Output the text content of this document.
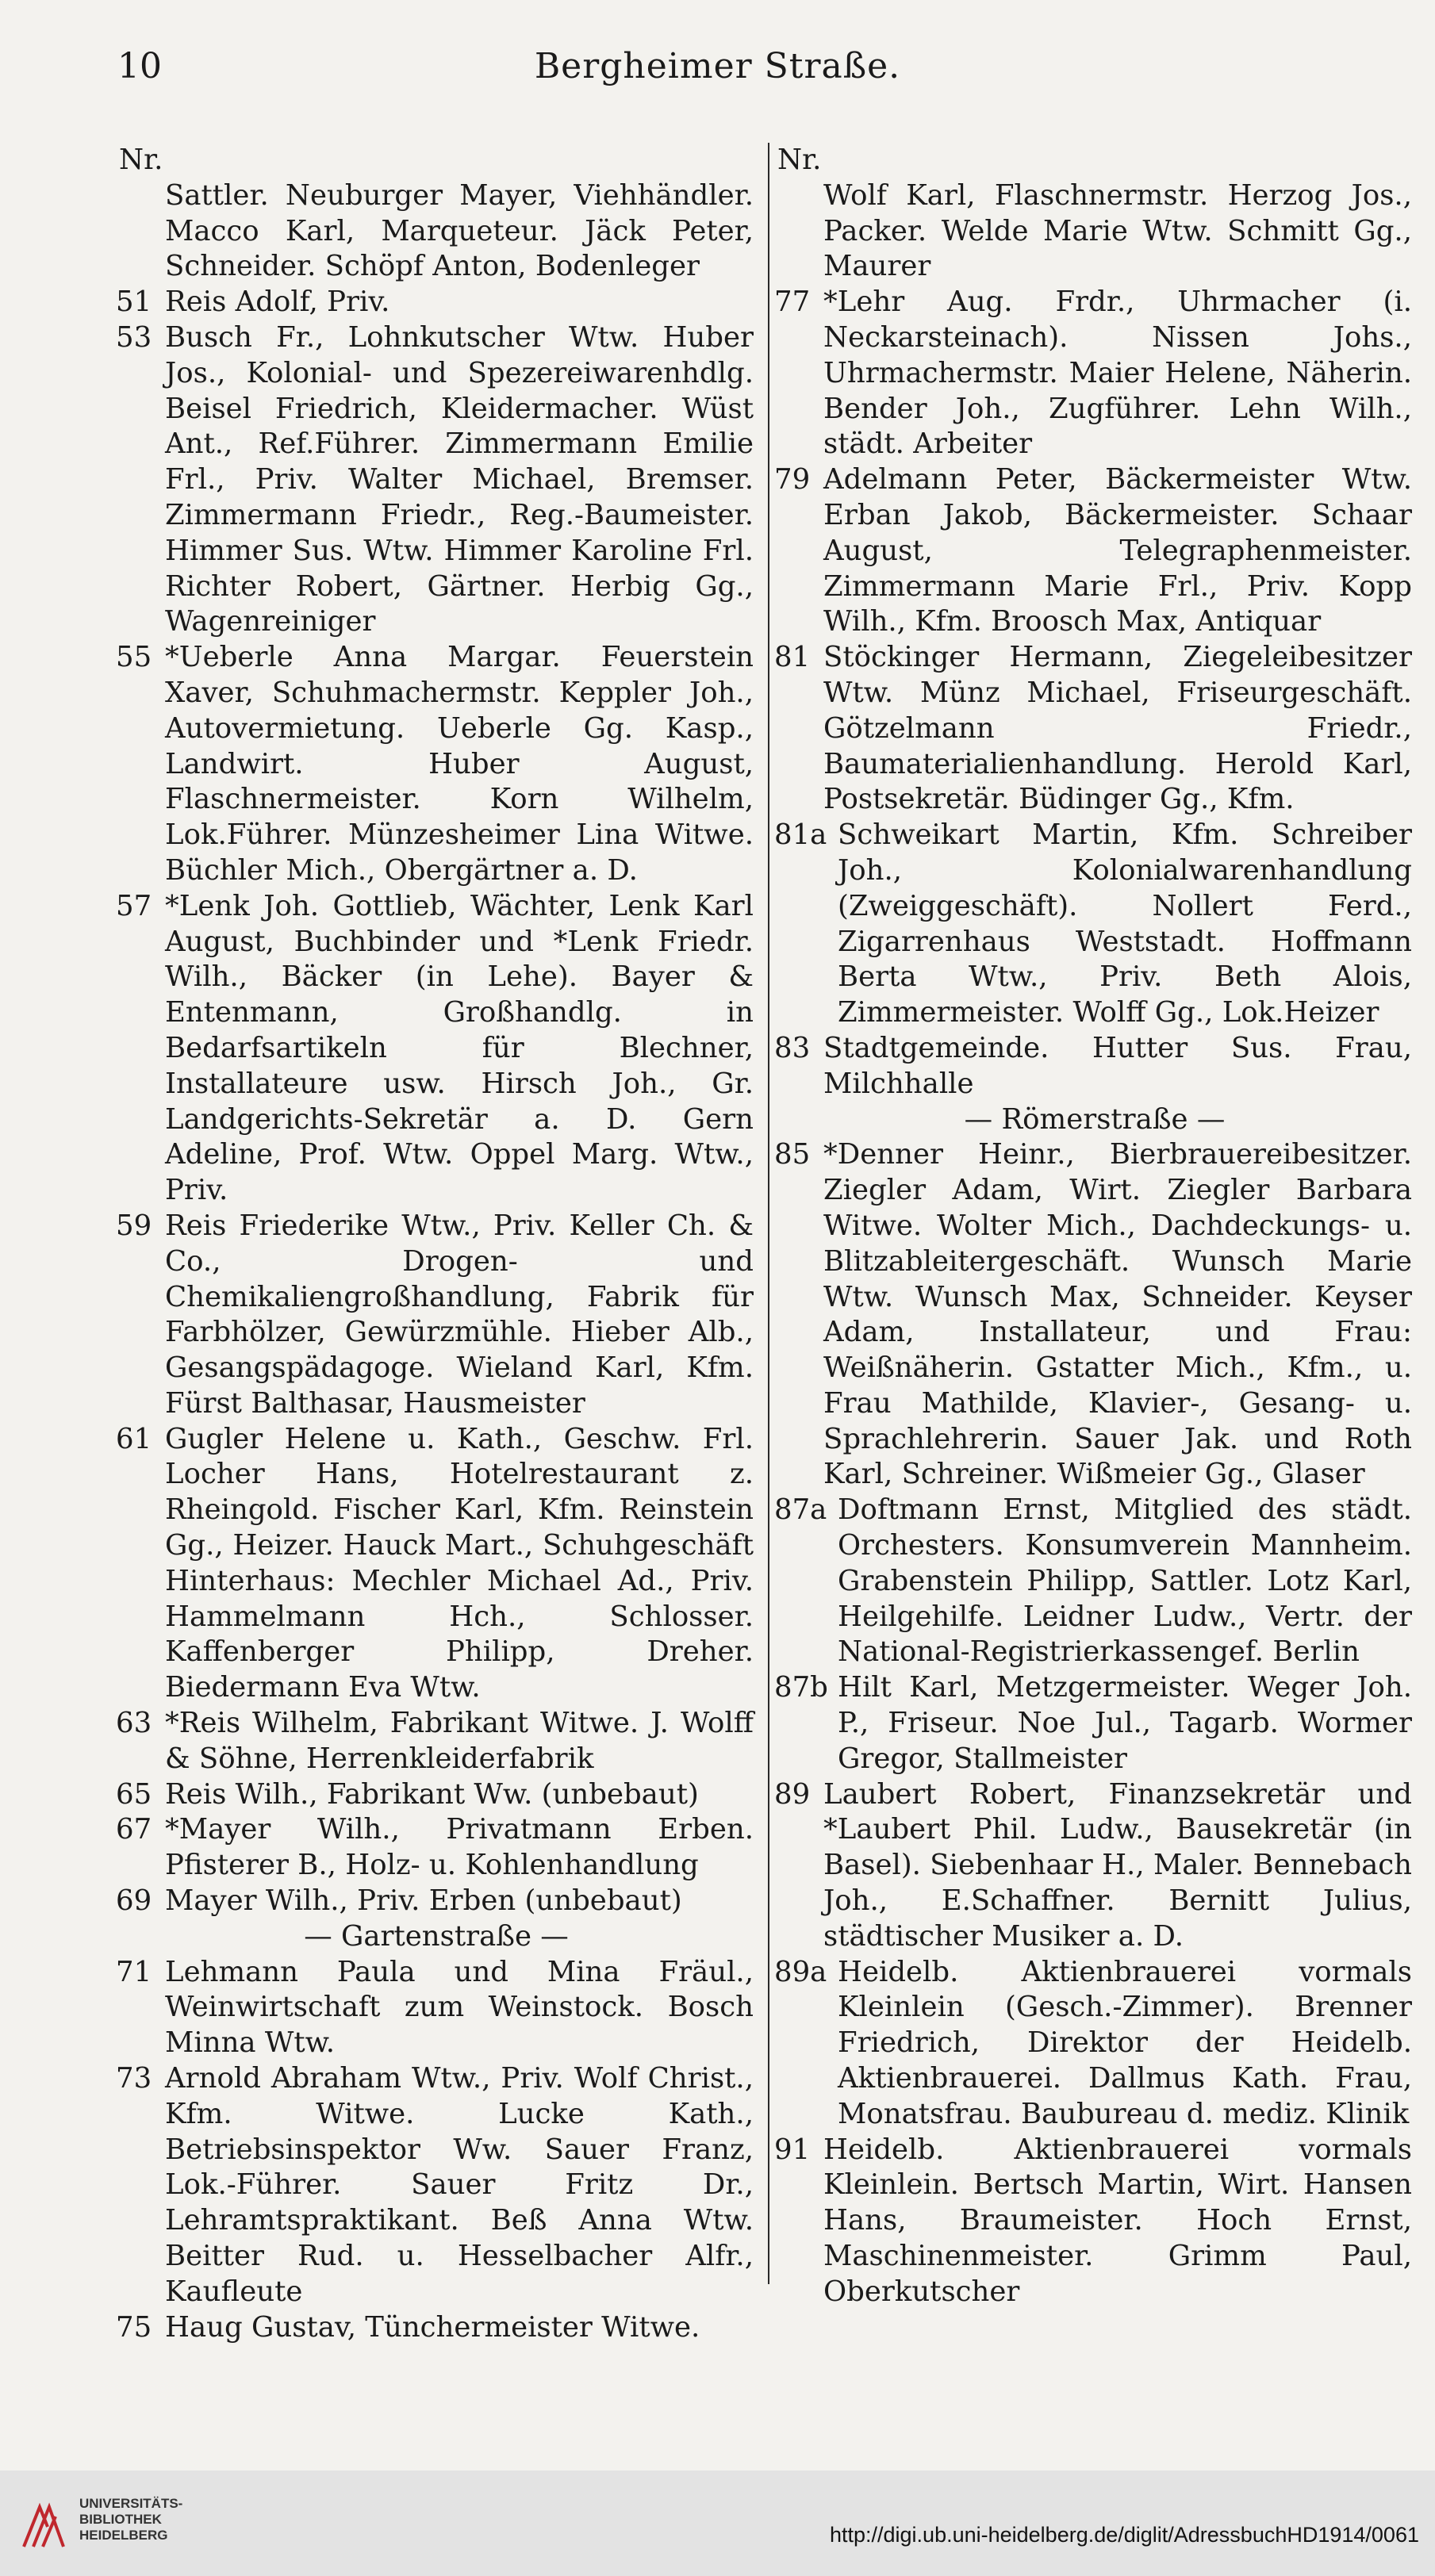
10	Bergheimer Straße.
Nr.
Sattler. Neuburger Mayer, Viehhändler. Macco Karl, Marqueteur. Jäck Peter, Schneider. Schöpf Anton, Bodenleger
51 Reis Adolf, Priv.
53 Busch Fr., Lohnkutscher Wtw. Huber Jos., Kolonial- und Spezereiwarenhdlg. Beisel Friedrich, Kleidermacher. Wüst Ant., Ref.Führer. Zimmermann Emilie Frl., Priv. Walter Michael, Bremser. Zimmermann Friedr., Reg.-Baumeister. Himmer Sus. Wtw. Himmer Karoline Frl. Richter Robert, Gärtner. Herbig Gg., Wagenreiniger
55 *Ueberle Anna Margar. Feuerstein Xaver, Schuhmachermstr. Keppler Joh., Autovermietung. Ueberle Gg. Kasp., Landwirt. Huber August, Flaschnermeister. Korn Wilhelm, Lok.Führer. Münzesheimer Lina Witwe. Büchler Mich., Obergärtner a. D.
57 *Lenk Joh. Gottlieb, Wächter, Lenk Karl August, Buchbinder und *Lenk Friedr. Wilh., Bäcker (in Lehe). Bayer & Entenmann, Großhandlg. in Bedarfsartikeln für Blechner, Installateure usw. Hirsch Joh., Gr. Landgerichts-Sekretär a. D. Gern Adeline, Prof. Wtw. Oppel Marg. Wtw., Priv.
59 Reis Friederike Wtw., Priv. Keller Ch. & Co., Drogen- und Chemikaliengroßhandlung, Fabrik für Farbhölzer, Gewürzmühle. Hieber Alb., Gesangspädagoge. Wieland Karl, Kfm. Fürst Balthasar, Hausmeister
61 Gugler Helene u. Kath., Geschw. Frl. Locher Hans, Hotelrestaurant z. Rheingold. Fischer Karl, Kfm. Reinstein Gg., Heizer. Hauck Mart., Schuhgeschäft Hinterhaus: Mechler Michael Ad., Priv. Hammelmann Hch., Schlosser. Kaffenberger Philipp, Dreher. Biedermann Eva Wtw.
63 *Reis Wilhelm, Fabrikant Witwe. J. Wolff & Söhne, Herrenkleiderfabrik
65 Reis Wilh., Fabrikant Ww. (unbebaut)
67 *Mayer Wilh., Privatmann Erben. Pfisterer B., Holz- u. Kohlenhandlung
69 Mayer Wilh., Priv. Erben (unbebaut)
— Gartenstraße —
71 Lehmann Paula und Mina Fräul., Weinwirtschaft zum Weinstock. Bosch Minna Wtw.
73 Arnold Abraham Wtw., Priv. Wolf Christ., Kfm. Witwe. Lucke Kath., Betriebsinspektor Ww. Sauer Franz, Lok.-Führer. Sauer Fritz Dr., Lehramtspraktikant. Beß Anna Wtw. Beitter Rud. u. Hesselbacher Alfr., Kaufleute
75 Haug Gustav, Tünchermeister Witwe.
Nr.
Wolf Karl, Flaschnermstr. Herzog Jos., Packer. Welde Marie Wtw. Schmitt Gg., Maurer
77 *Lehr Aug. Frdr., Uhrmacher (i. Neckarsteinach). Nissen Johs., Uhrmachermstr. Maier Helene, Näherin. Bender Joh., Zugführer. Lehn Wilh., städt. Arbeiter
79 Adelmann Peter, Bäckermeister Wtw. Erban Jakob, Bäckermeister. Schaar August, Telegraphenmeister. Zimmermann Marie Frl., Priv. Kopp Wilh., Kfm. Broosch Max, Antiquar
81 Stöckinger Hermann, Ziegeleibesitzer Wtw. Münz Michael, Friseurgeschäft. Götzelmann Friedr., Baumaterialienhandlung. Herold Karl, Postsekretär. Büdinger Gg., Kfm.
81a Schweikart Martin, Kfm. Schreiber Joh., Kolonialwarenhandlung (Zweiggeschäft). Nollert Ferd., Zigarrenhaus Weststadt. Hoffmann Berta Wtw., Priv. Beth Alois, Zimmermeister. Wolff Gg., Lok.Heizer
83 Stadtgemeinde. Hutter Sus. Frau, Milchhalle
— Römerstraße —
85 *Denner Heinr., Bierbrauereibesitzer. Ziegler Adam, Wirt. Ziegler Barbara Witwe. Wolter Mich., Dachdeckungs- u. Blitzableitergeschäft. Wunsch Marie Wtw. Wunsch Max, Schneider. Keyser Adam, Installateur, und Frau: Weißnäherin. Gstatter Mich., Kfm., u. Frau Mathilde, Klavier-, Gesang- u. Sprachlehrerin. Sauer Jak. und Roth Karl, Schreiner. Wißmeier Gg., Glaser
87a Doftmann Ernst, Mitglied des städt. Orchesters. Konsumverein Mannheim. Grabenstein Philipp, Sattler. Lotz Karl, Heilgehilfe. Leidner Ludw., Vertr. der National-Registrierkassengef. Berlin
87b Hilt Karl, Metzgermeister. Weger Joh. P., Friseur. Noe Jul., Tagarb. Wormer Gregor, Stallmeister
89 Laubert Robert, Finanzsekretär und *Laubert Phil. Ludw., Bausekretär (in Basel). Siebenhaar H., Maler. Bennebach Joh., E.Schaffner. Bernitt Julius, städtischer Musiker a. D.
89a Heidelb. Aktienbrauerei vormals Kleinlein (Gesch.-Zimmer). Brenner Friedrich, Direktor der Heidelb. Aktienbrauerei. Dallmus Kath. Frau, Monatsfrau. Baubureau d. mediz. Klinik
91 Heidelb. Aktienbrauerei vormals Kleinlein. Bertsch Martin, Wirt. Hansen Hans, Braumeister. Hoch Ernst, Maschinenmeister. Grimm Paul, Oberkutscher
UNIVERSITÄTS-
BIBLIOTHEK
HEIDELBERG	http://digi.ub.uni-heidelberg.de/diglit/AdressbuchHD1914/0061
